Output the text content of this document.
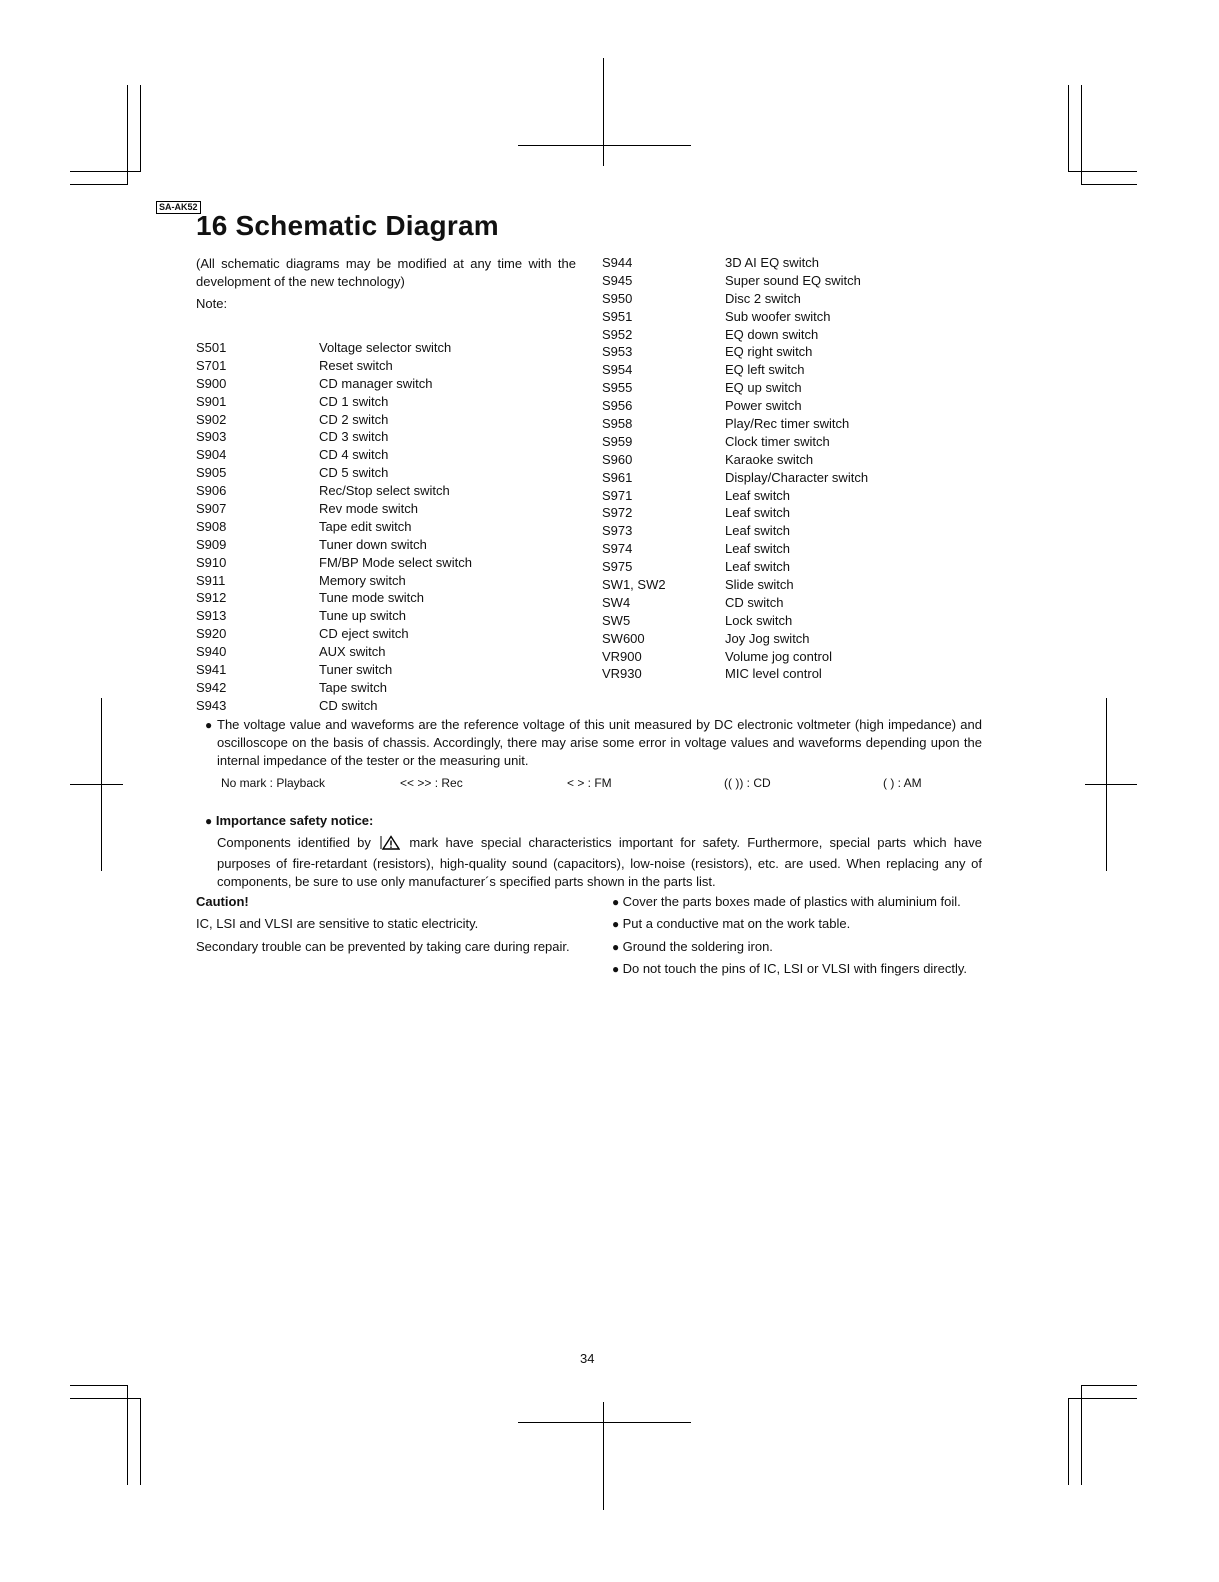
SA-AK52
16 Schematic Diagram
(All schematic diagrams may be modified at any time with the development of the new technology)
Note:
S501	Voltage selector switch
S701	Reset switch
S900	CD manager switch
S901	CD 1 switch
S902	CD 2 switch
S903	CD 3 switch
S904	CD 4 switch
S905	CD 5 switch
S906	Rec/Stop select switch
S907	Rev mode switch
S908	Tape edit switch
S909	Tuner down switch
S910	FM/BP Mode select switch
S911	Memory switch
S912	Tune mode switch
S913	Tune up switch
S920	CD eject switch
S940	AUX switch
S941	Tuner switch
S942	Tape switch
S943	CD switch
S944	3D AI EQ switch
S945	Super sound EQ switch
S950	Disc 2 switch
S951	Sub woofer switch
S952	EQ down switch
S953	EQ right switch
S954	EQ left switch
S955	EQ up switch
S956	Power switch
S958	Play/Rec timer switch
S959	Clock timer switch
S960	Karaoke switch
S961	Display/Character switch
S971	Leaf switch
S972	Leaf switch
S973	Leaf switch
S974	Leaf switch
S975	Leaf switch
SW1, SW2	Slide switch
SW4	CD switch
SW5	Lock switch
SW600	Joy Jog switch
VR900	Volume jog control
VR930	MIC level control
● The voltage value and waveforms are the reference voltage of this unit measured by DC electronic voltmeter (high impedance) and oscilloscope on the basis of chassis. Accordingly, there may arise some error in voltage values and waveforms depending upon the internal impedance of the tester or the measuring unit.
No mark : Playback	<< >> : Rec	< > : FM	(( )) : CD	( ) : AM
● Importance safety notice:
Components identified by	mark have special characteristics important for safety. Furthermore, special parts which have purposes of fire-retardant (resistors), high-quality sound (capacitors), low-noise (resistors), etc. are used. When replacing any of components, be sure to use only manufacturer´s specified parts shown in the parts list.
Caution!
IC, LSI and VLSI are sensitive to static electricity.
Secondary trouble can be prevented by taking care during repair.
● Cover the parts boxes made of plastics with aluminium foil.
● Put a conductive mat on the work table.
● Ground the soldering iron.
● Do not touch the pins of IC, LSI or VLSI with fingers directly.
34
